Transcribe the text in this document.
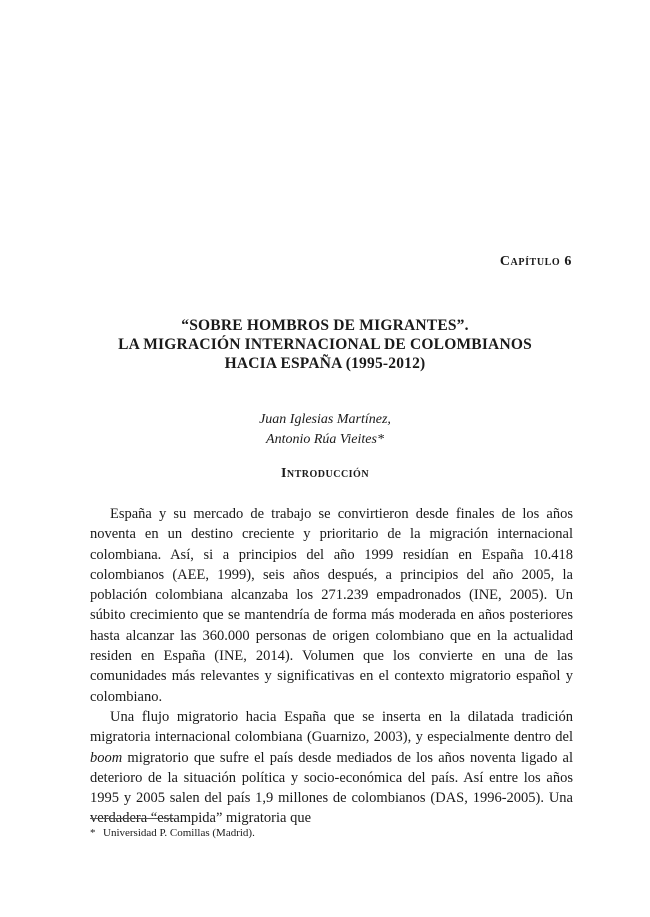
Capítulo 6
“SOBRE HOMBROS DE MIGRANTES”.
LA MIGRACIÓN INTERNACIONAL DE COLOMBIANOS
HACIA ESPAÑA (1995-2012)
Juan Iglesias Martínez,
Antonio Rúa Vieites*
Introducción

España y su mercado de trabajo se convirtieron desde finales de los años noventa en un destino creciente y prioritario de la migración internacional colombiana. Así, si a principios del año 1999 residían en España 10.418 colombianos (AEE, 1999), seis años después, a principios del año 2005, la población colombiana alcanzaba los 271.239 empadronados (INE, 2005). Un súbito crecimiento que se mantendría de forma más moderada en años posteriores hasta alcanzar las 360.000 personas de origen colombiano que en la actualidad residen en España (INE, 2014). Volumen que los convierte en una de las comunidades más relevantes y significativas en el contexto migratorio español y colombiano.

Una flujo migratorio hacia España que se inserta en la dilatada tradición migratoria internacional colombiana (Guarnizo, 2003), y especialmente dentro del boom migratorio que sufre el país desde mediados de los años noventa ligado al deterioro de la situación política y socio-económica del país. Así entre los años 1995 y 2005 salen del país 1,9 millones de colombianos (DAS, 1996-2005). Una verdadera “estampida” migratoria que

* Universidad P. Comillas (Madrid).
